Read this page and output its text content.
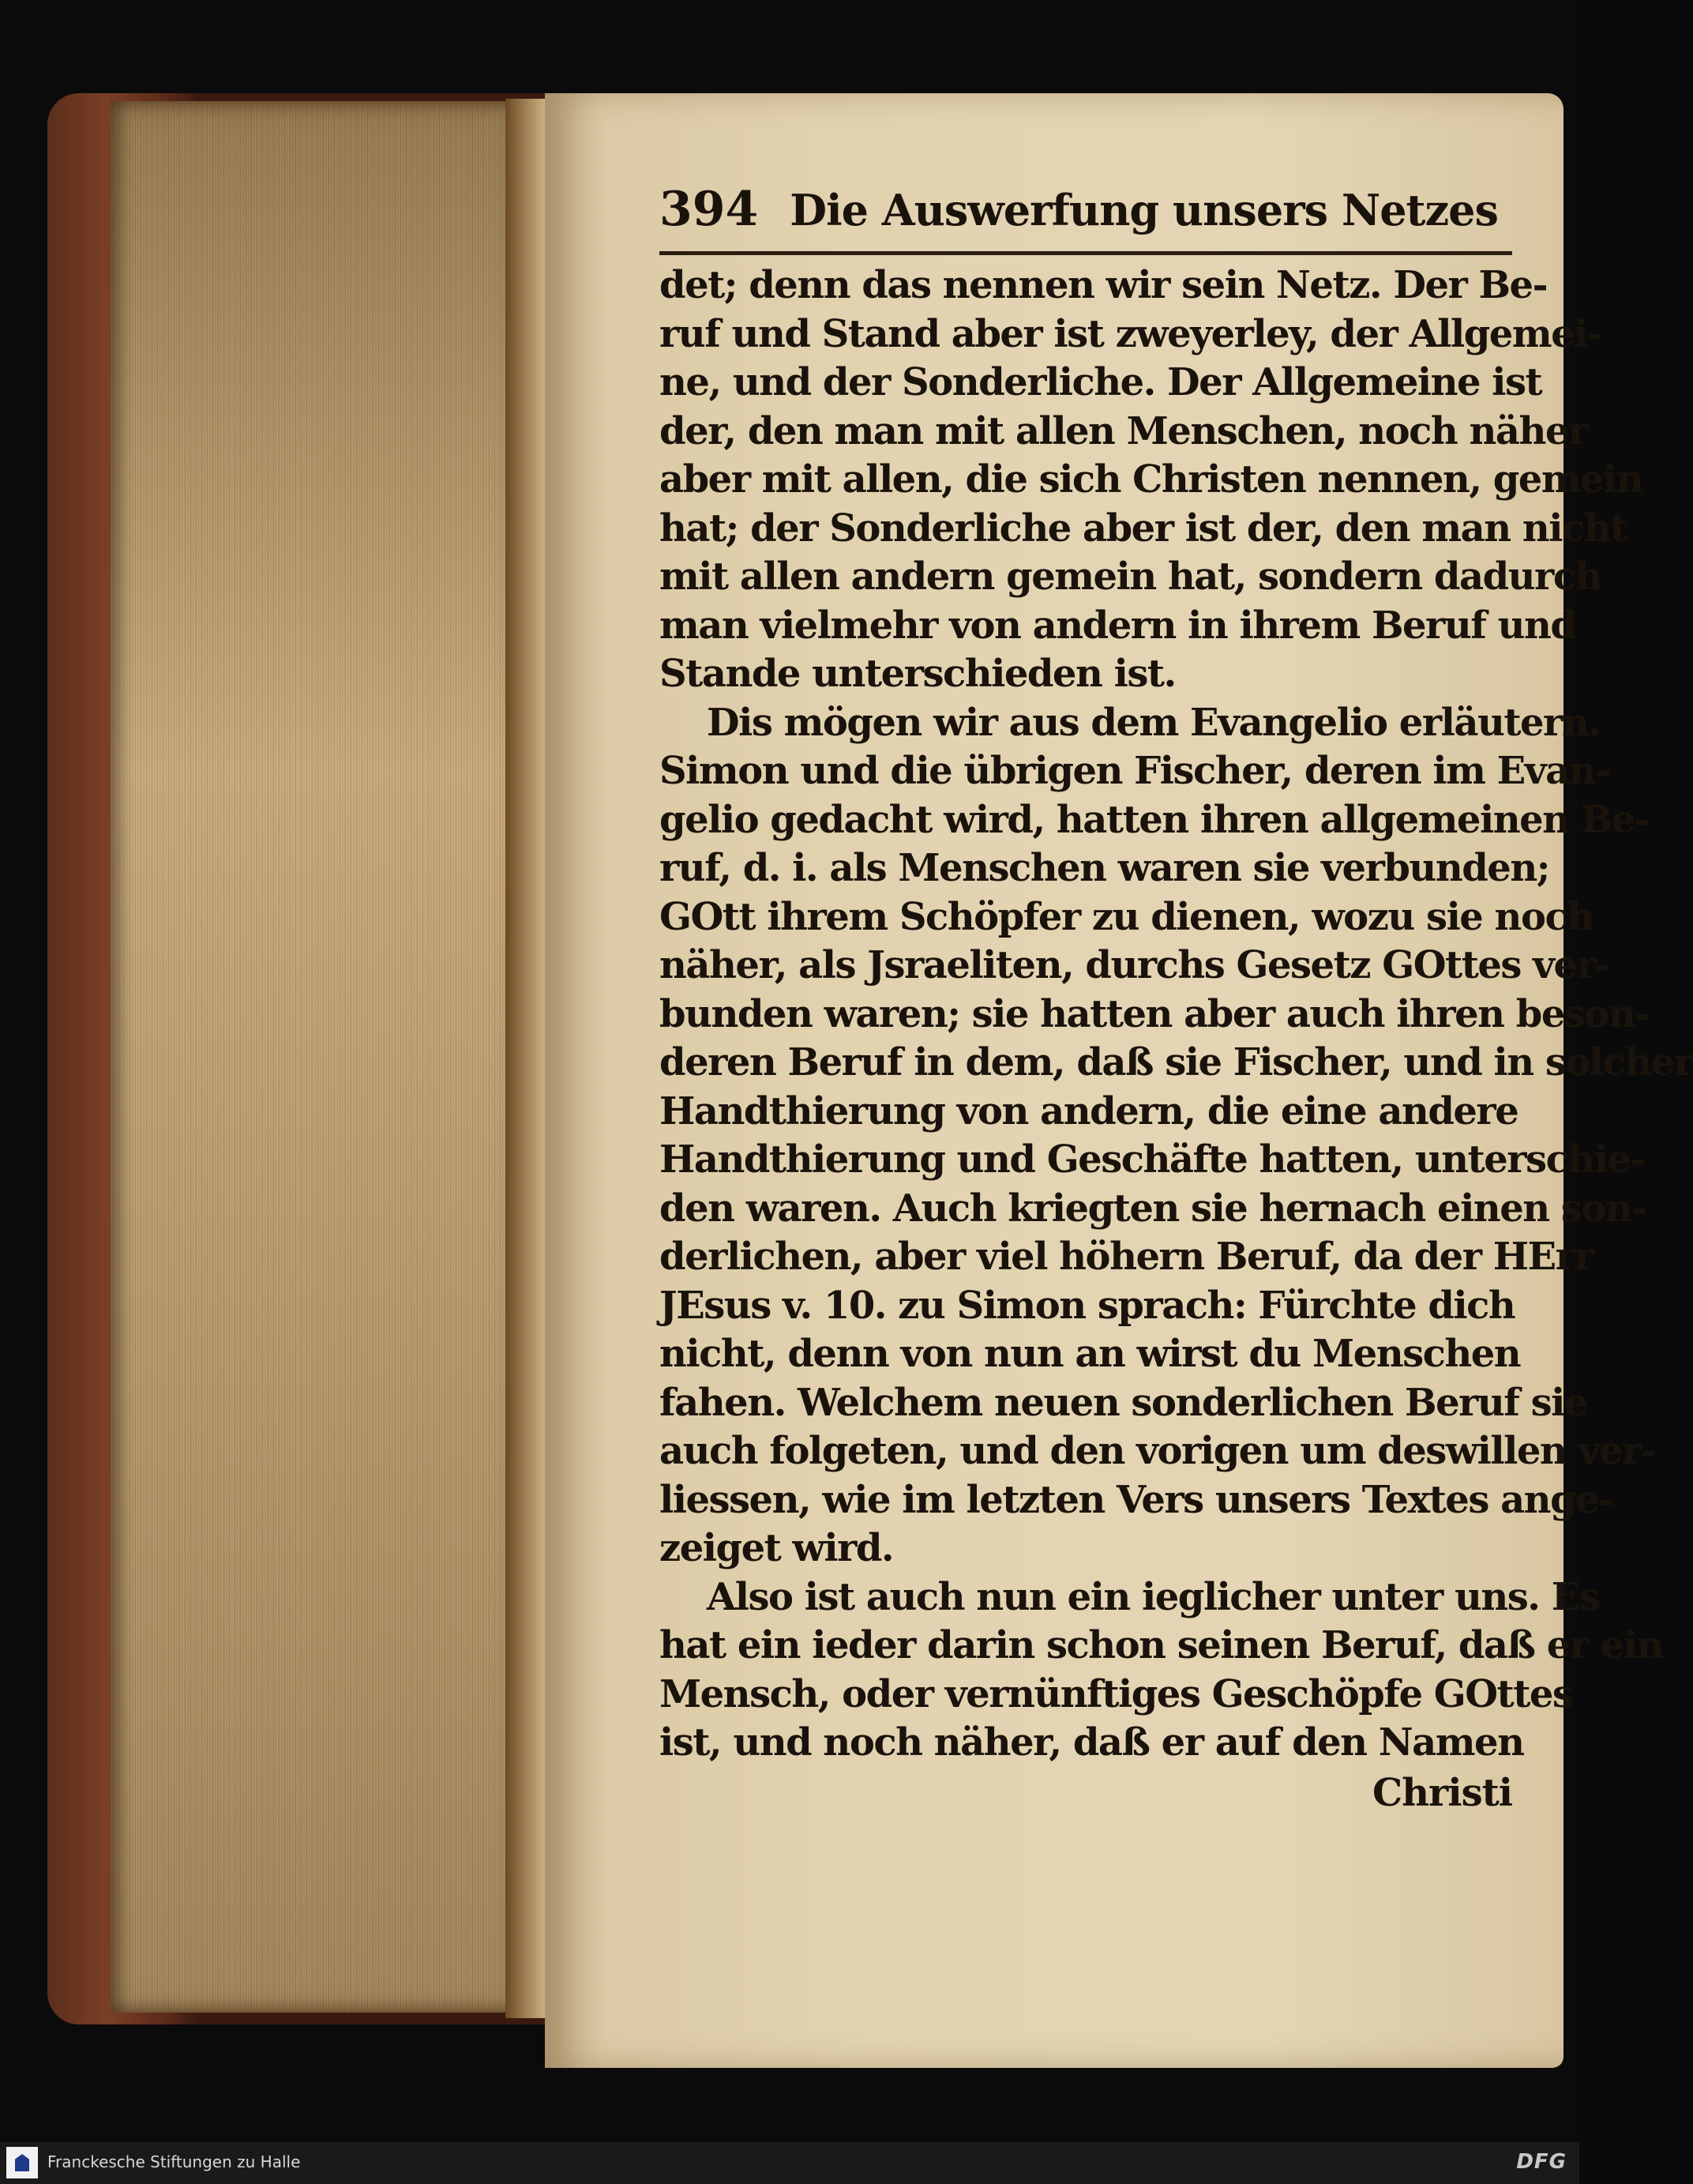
394 Die Auswerfung unsers Netzes
det; denn das nennen wir sein Netz. Der Be-
ruf und Stand aber ist zweyerley, der Allgemei-
ne, und der Sonderliche. Der Allgemeine ist
der, den man mit allen Menschen, noch näher
aber mit allen, die sich Christen nennen, gemein
hat; der Sonderliche aber ist der, den man nicht
mit allen andern gemein hat, sondern dadurch
man vielmehr von andern in ihrem Beruf und
Stande unterschieden ist.
Dis mögen wir aus dem Evangelio erläutern.
Simon und die übrigen Fischer, deren im Evan-
gelio gedacht wird, hatten ihren allgemeinen Be-
ruf, d. i. als Menschen waren sie verbunden;
GOtt ihrem Schöpfer zu dienen, wozu sie noch
näher, als Jsraeliten, durchs Gesetz GOttes ver-
bunden waren; sie hatten aber auch ihren beson-
deren Beruf in dem, daß sie Fischer, und in solcher
Handthierung von andern, die eine andere
Handthierung und Geschäfte hatten, unterschie-
den waren. Auch kriegten sie hernach einen son-
derlichen, aber viel höhern Beruf, da der HErr
JEsus v. 10. zu Simon sprach: Fürchte dich
nicht, denn von nun an wirst du Menschen
fahen. Welchem neuen sonderlichen Beruf sie
auch folgeten, und den vorigen um deswillen ver-
liessen, wie im letzten Vers unsers Textes ange-
zeiget wird.
Also ist auch nun ein ieglicher unter uns. Es
hat ein ieder darin schon seinen Beruf, daß er ein
Mensch, oder vernünftiges Geschöpfe GOttes
ist, und noch näher, daß er auf den Namen
Christi
Franckesche Stiftungen zu Halle	DFG
